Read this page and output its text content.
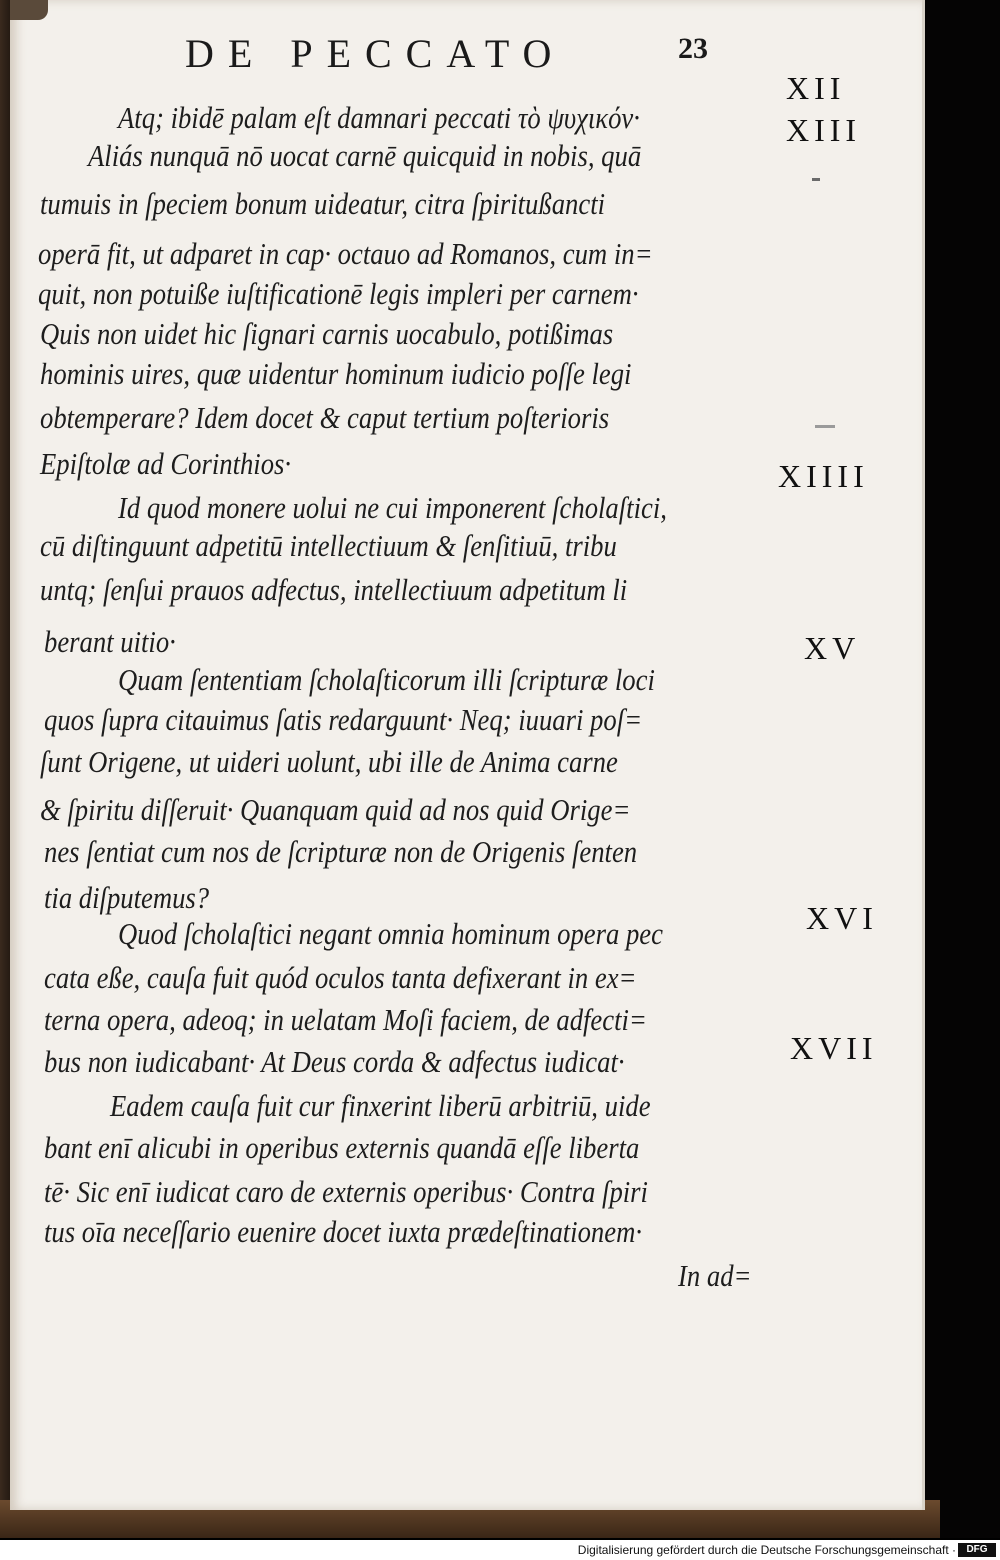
DE PECCATO	23
Atq; ibidē palam eſt damnari peccati τὸ ψυχικόν·
Aliás nunquā nō uocat carnē quicquid in nobis, quā
tumuis in ſpeciem bonum uideatur, citra ſpiritußancti
operā fit, ut adparet in cap· octauo ad Romanos, cum in=
quit, non potuiße iuſtificationē legis impleri per carnem·
Quis non uidet hic ſignari carnis uocabulo, potißimas
hominis uires, quæ uidentur hominum iudicio poſſe legi
obtemperare? Idem docet & caput tertium poſterioris
Epiſtolæ ad Corinthios·
Id quod monere uolui ne cui imponerent ſcholaſtici,
cū diſtinguunt adpetitū intellectiuum & ſenſitiuū, tribu
untq; ſenſui prauos adfectus, intellectiuum adpetitum li
berant uitio·
Quam ſententiam ſcholaſticorum illi ſcripturæ loci
quos ſupra citauimus ſatis redarguunt· Neq; iuuari poſ=
ſunt Origene, ut uideri uolunt, ubi ille de Anima carne
& ſpiritu diſſeruit· Quanquam quid ad nos quid Orige=
nes ſentiat cum nos de ſcripturæ non de Origenis ſenten
tia diſputemus?
Quod ſcholaſtici negant omnia hominum opera pec
cata eße, cauſa fuit quód oculos tanta defixerant in ex=
terna opera, adeoq; in uelatam Moſi faciem, de adfecti=
bus non iudicabant· At Deus corda & adfectus iudicat·
Eadem cauſa fuit cur finxerint liberū arbitriū, uide
bant enī alicubi in operibus externis quandā eſſe liberta
tē· Sic enī iudicat caro de externis operibus· Contra ſpiri
tus oīa neceſſario euenire docet iuxta prædeſtinationem·
In ad=
XII
XIII
XIIII
XV
XVI
XVII
Digitalisierung gefördert durch die Deutsche Forschungsgemeinschaft ·	DFG
